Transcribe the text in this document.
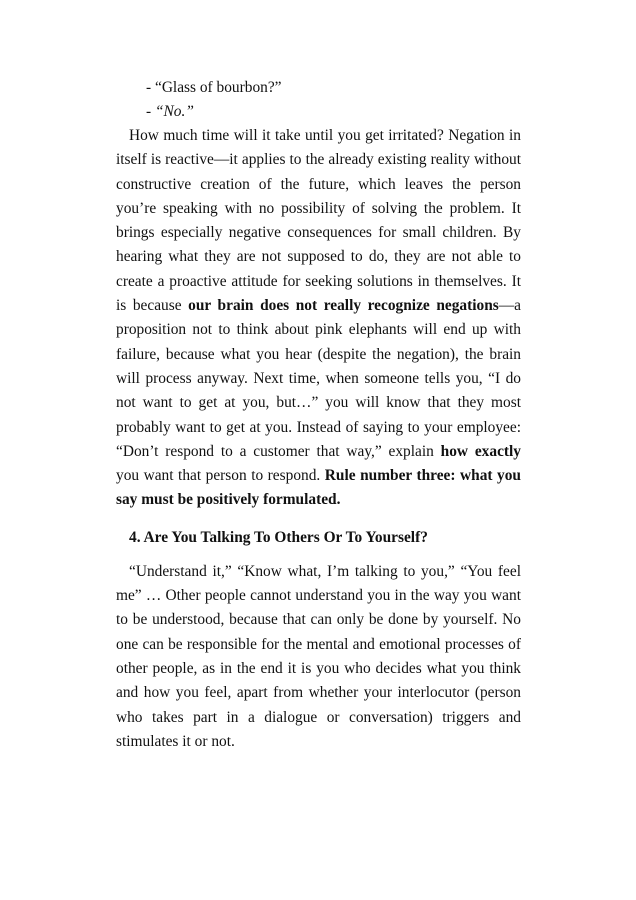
- “Glass of bourbon?”
- “No.”

How much time will it take until you get irritated? Negation in itself is reactive—it applies to the already existing reality without constructive creation of the future, which leaves the person you’re speaking with no possibility of solving the problem. It brings especially negative consequences for small children. By hearing what they are not supposed to do, they are not able to create a proactive attitude for seeking solutions in themselves. It is because our brain does not really recognize negations—a proposition not to think about pink elephants will end up with failure, because what you hear (despite the negation), the brain will process anyway. Next time, when someone tells you, “I do not want to get at you, but…” you will know that they most probably want to get at you. Instead of saying to your employee: “Don’t respond to a customer that way,” explain how exactly you want that person to respond. Rule number three: what you say must be positively formulated.

4. Are You Talking To Others Or To Yourself?

“Understand it,” “Know what, I’m talking to you,” “You feel me” … Other people cannot understand you in the way you want to be understood, because that can only be done by yourself. No one can be responsible for the mental and emotional processes of other people, as in the end it is you who decides what you think and how you feel, apart from whether your interlocutor (person who takes part in a dialogue or conversation) triggers and stimulates it or not.
